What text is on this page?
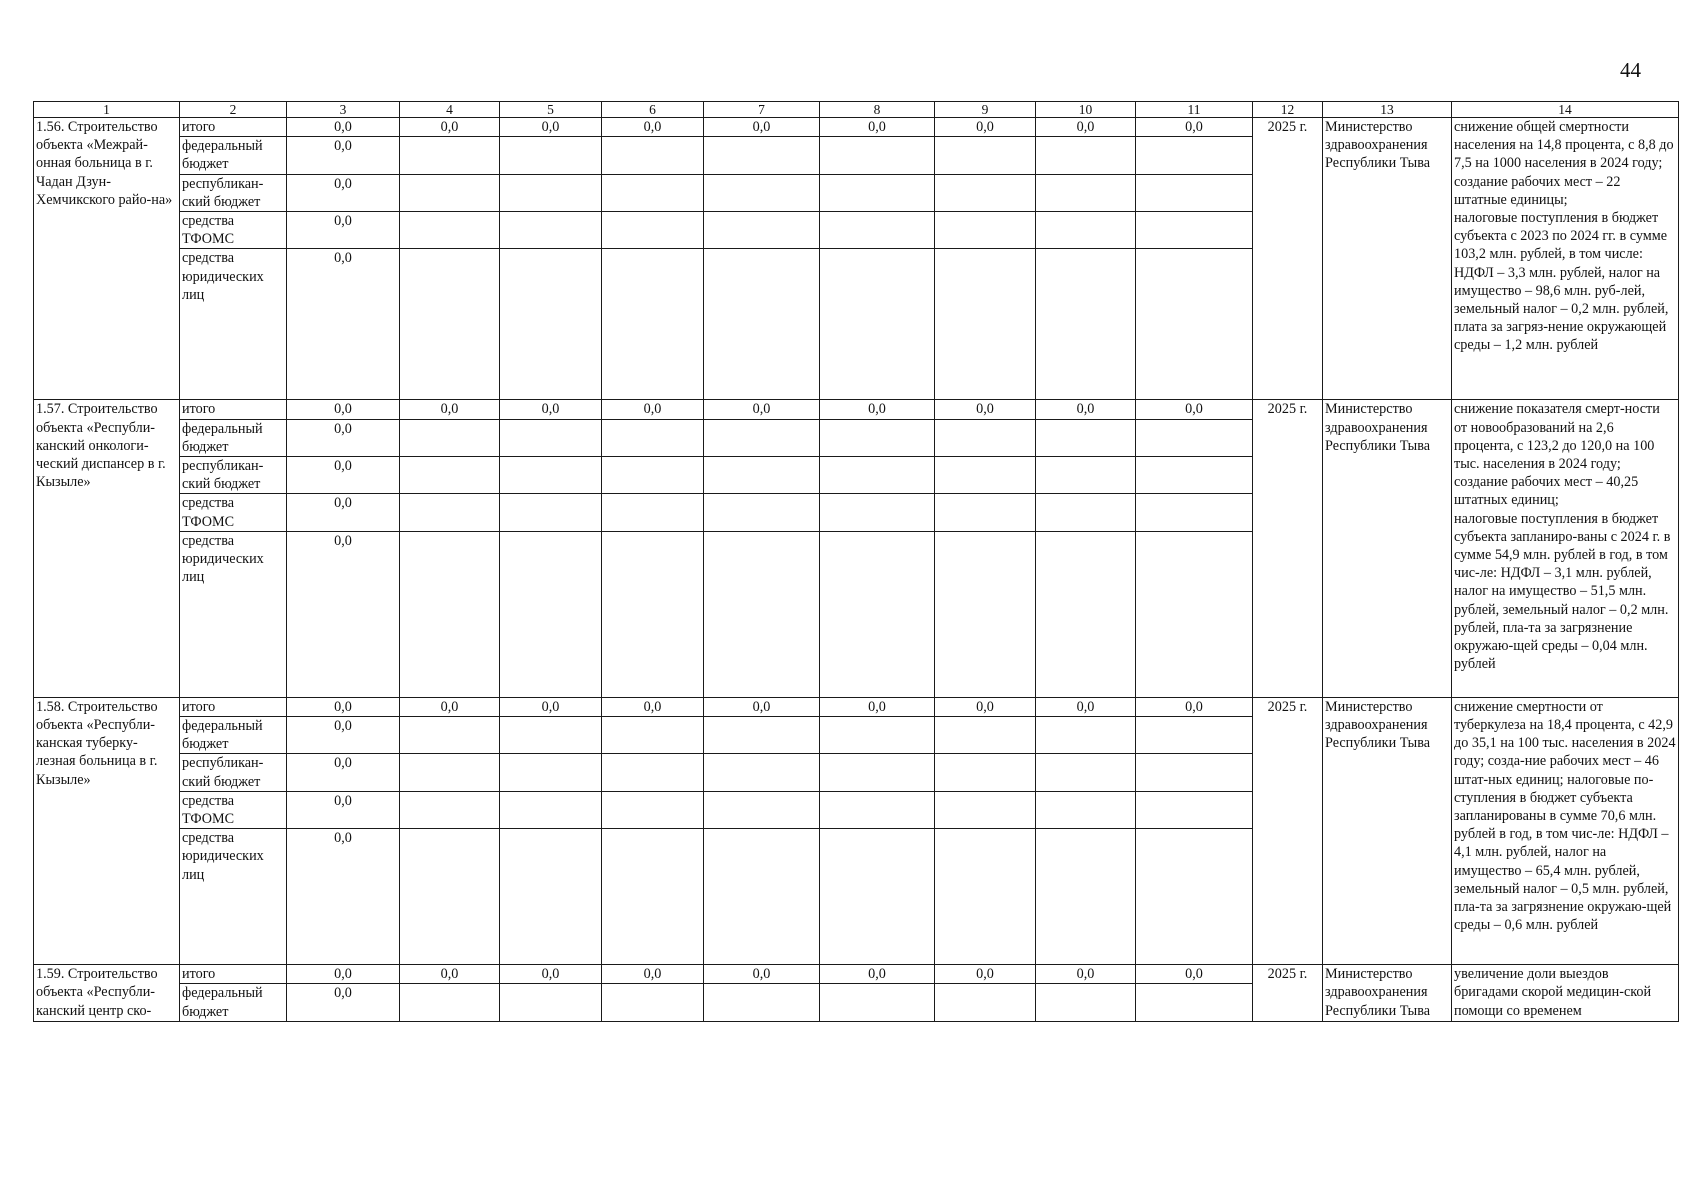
44
1	2	3	4	5	6	7	8	9	10	11	12	13	14
1.56. Строительство объекта «Межрай-онная больница в г. Чадан Дзун-Хемчикского райо-на»	итого	0,0	0,0	0,0	0,0	0,0	0,0	0,0	0,0	0,0	2025 г.	Министерство здравоохранения Республики Тыва	снижение общей смертности населения на 14,8 процента, с 8,8 до 7,5 на 1000 населения в 2024 году;
создание рабочих мест – 22 штатные единицы;
налоговые поступления в бюджет субъекта с 2023 по 2024 гг. в сумме 103,2 млн. рублей, в том числе: НДФЛ – 3,3 млн. рублей, налог на имущество – 98,6 млн. руб-лей, земельный налог – 0,2 млн. рублей, плата за загряз-нение окружающей среды – 1,2 млн. рублей
	федеральный бюджет	0,0											
	республикан-ский бюджет	0,0											
	средства ТФОМС	0,0											
	средства юридических лиц	0,0											
1.57. Строительство объекта «Республи-канский онкологи-ческий диспансер в г. Кызыле»	итого	0,0	0,0	0,0	0,0	0,0	0,0	0,0	0,0	0,0	2025 г.	Министерство здравоохранения Республики Тыва	снижение показателя смерт-ности от новообразований на 2,6 процента, с 123,2 до 120,0 на 100 тыс. населения в 2024 году;
создание рабочих мест – 40,25 штатных единиц;
налоговые поступления в бюджет субъекта запланиро-ваны с 2024 г. в сумме 54,9 млн. рублей в год, в том чис-ле: НДФЛ – 3,1 млн. рублей, налог на имущество – 51,5 млн. рублей, земельный налог – 0,2 млн. рублей, пла-та за загрязнение окружаю-щей среды – 0,04 млн. рублей
	федеральный бюджет	0,0											
	республикан-ский бюджет	0,0											
	средства ТФОМС	0,0											
	средства юридических лиц	0,0											
1.58. Строительство объекта «Республи-канская туберку-лезная больница в г. Кызыле»	итого	0,0	0,0	0,0	0,0	0,0	0,0	0,0	0,0	0,0	2025 г.	Министерство здравоохранения Республики Тыва	снижение смертности от туберкулеза на 18,4 процента, с 42,9 до 35,1 на 100 тыс. населения в 2024 году; созда-ние рабочих мест – 46 штат-ных единиц; налоговые по-ступления в бюджет субъекта запланированы в сумме 70,6 млн. рублей в год, в том чис-ле: НДФЛ – 4,1 млн. рублей, налог на имущество – 65,4 млн. рублей, земельный налог – 0,5 млн. рублей, пла-та за загрязнение окружаю-щей среды – 0,6 млн. рублей
	федеральный бюджет	0,0											
	республикан-ский бюджет	0,0											
	средства ТФОМС	0,0											
	средства юридических лиц	0,0											
1.59. Строительство объекта «Республи-канский центр ско-	итого	0,0	0,0	0,0	0,0	0,0	0,0	0,0	0,0	0,0	2025 г.	Министерство здравоохранения Республики Тыва	увеличение доли выездов бригадами скорой медицин-ской помощи со временем
	федеральный бюджет	0,0											
